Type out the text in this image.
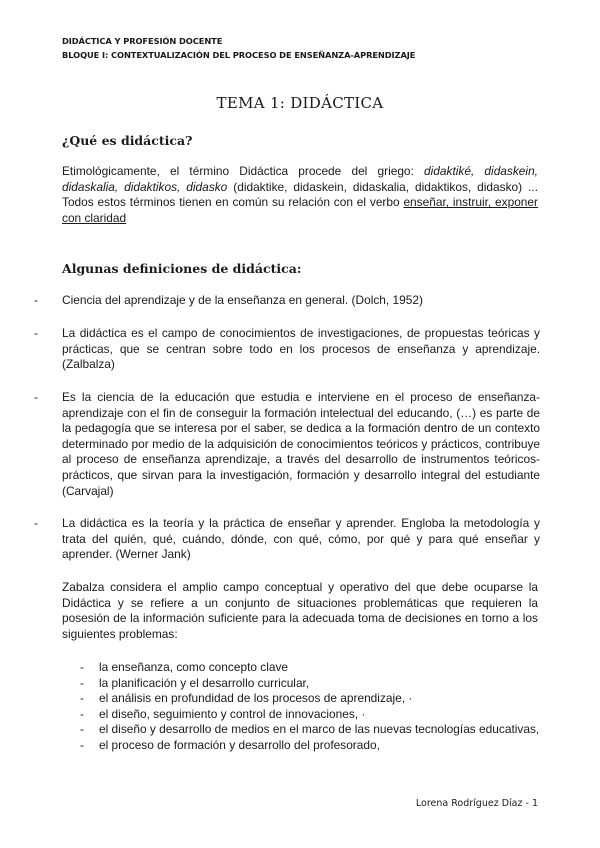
DIDÁCTICA Y PROFESIÓN DOCENTE
BLOQUE I: CONTEXTUALIZACIÓN DEL PROCESO DE ENSEÑANZA-APRENDIZAJE
TEMA 1: DIDÁCTICA
¿Qué es didáctica?
Etimológicamente, el término Didáctica procede del griego: didaktiké, didaskein, didaskalia, didaktikos, didasko (didaktike, didaskein, didaskalia, didaktikos, didasko) ... Todos estos términos tienen en común su relación con el verbo enseñar, instruir, exponer con claridad
Algunas definiciones de didáctica:
- Ciencia del aprendizaje y de la enseñanza en general. (Dolch, 1952)
- La didáctica es el campo de conocimientos de investigaciones, de propuestas teóricas y prácticas, que se centran sobre todo en los procesos de enseñanza y aprendizaje. (Zalbalza)
- Es la ciencia de la educación que estudia e interviene en el proceso de enseñanza-aprendizaje con el fin de conseguir la formación intelectual del educando, (…) es parte de la pedagogía que se interesa por el saber, se dedica a la formación dentro de un contexto determinado por medio de la adquisición de conocimientos teóricos y prácticos, contribuye al proceso de enseñanza aprendizaje, a través del desarrollo de instrumentos teóricos-prácticos, que sirvan para la investigación, formación y desarrollo integral del estudiante (Carvajal)
- La didáctica es la teoría y la práctica de enseñar y aprender. Engloba la metodología y trata del quién, qué, cuándo, dónde, con qué, cómo, por qué y para qué enseñar y aprender. (Werner Jank)
Zabalza considera el amplio campo conceptual y operativo del que debe ocuparse la Didáctica y se refiere a un conjunto de situaciones problemáticas que requieren la posesión de la información suficiente para la adecuada toma de decisiones en torno a los siguientes problemas:
- la enseñanza, como concepto clave
- la planificación y el desarrollo curricular,
- el análisis en profundidad de los procesos de aprendizaje, ·
- el diseño, seguimiento y control de innovaciones, ·
- el diseño y desarrollo de medios en el marco de las nuevas tecnologías educativas,
- el proceso de formación y desarrollo del profesorado,
Lorena Rodríguez Díaz - 1
